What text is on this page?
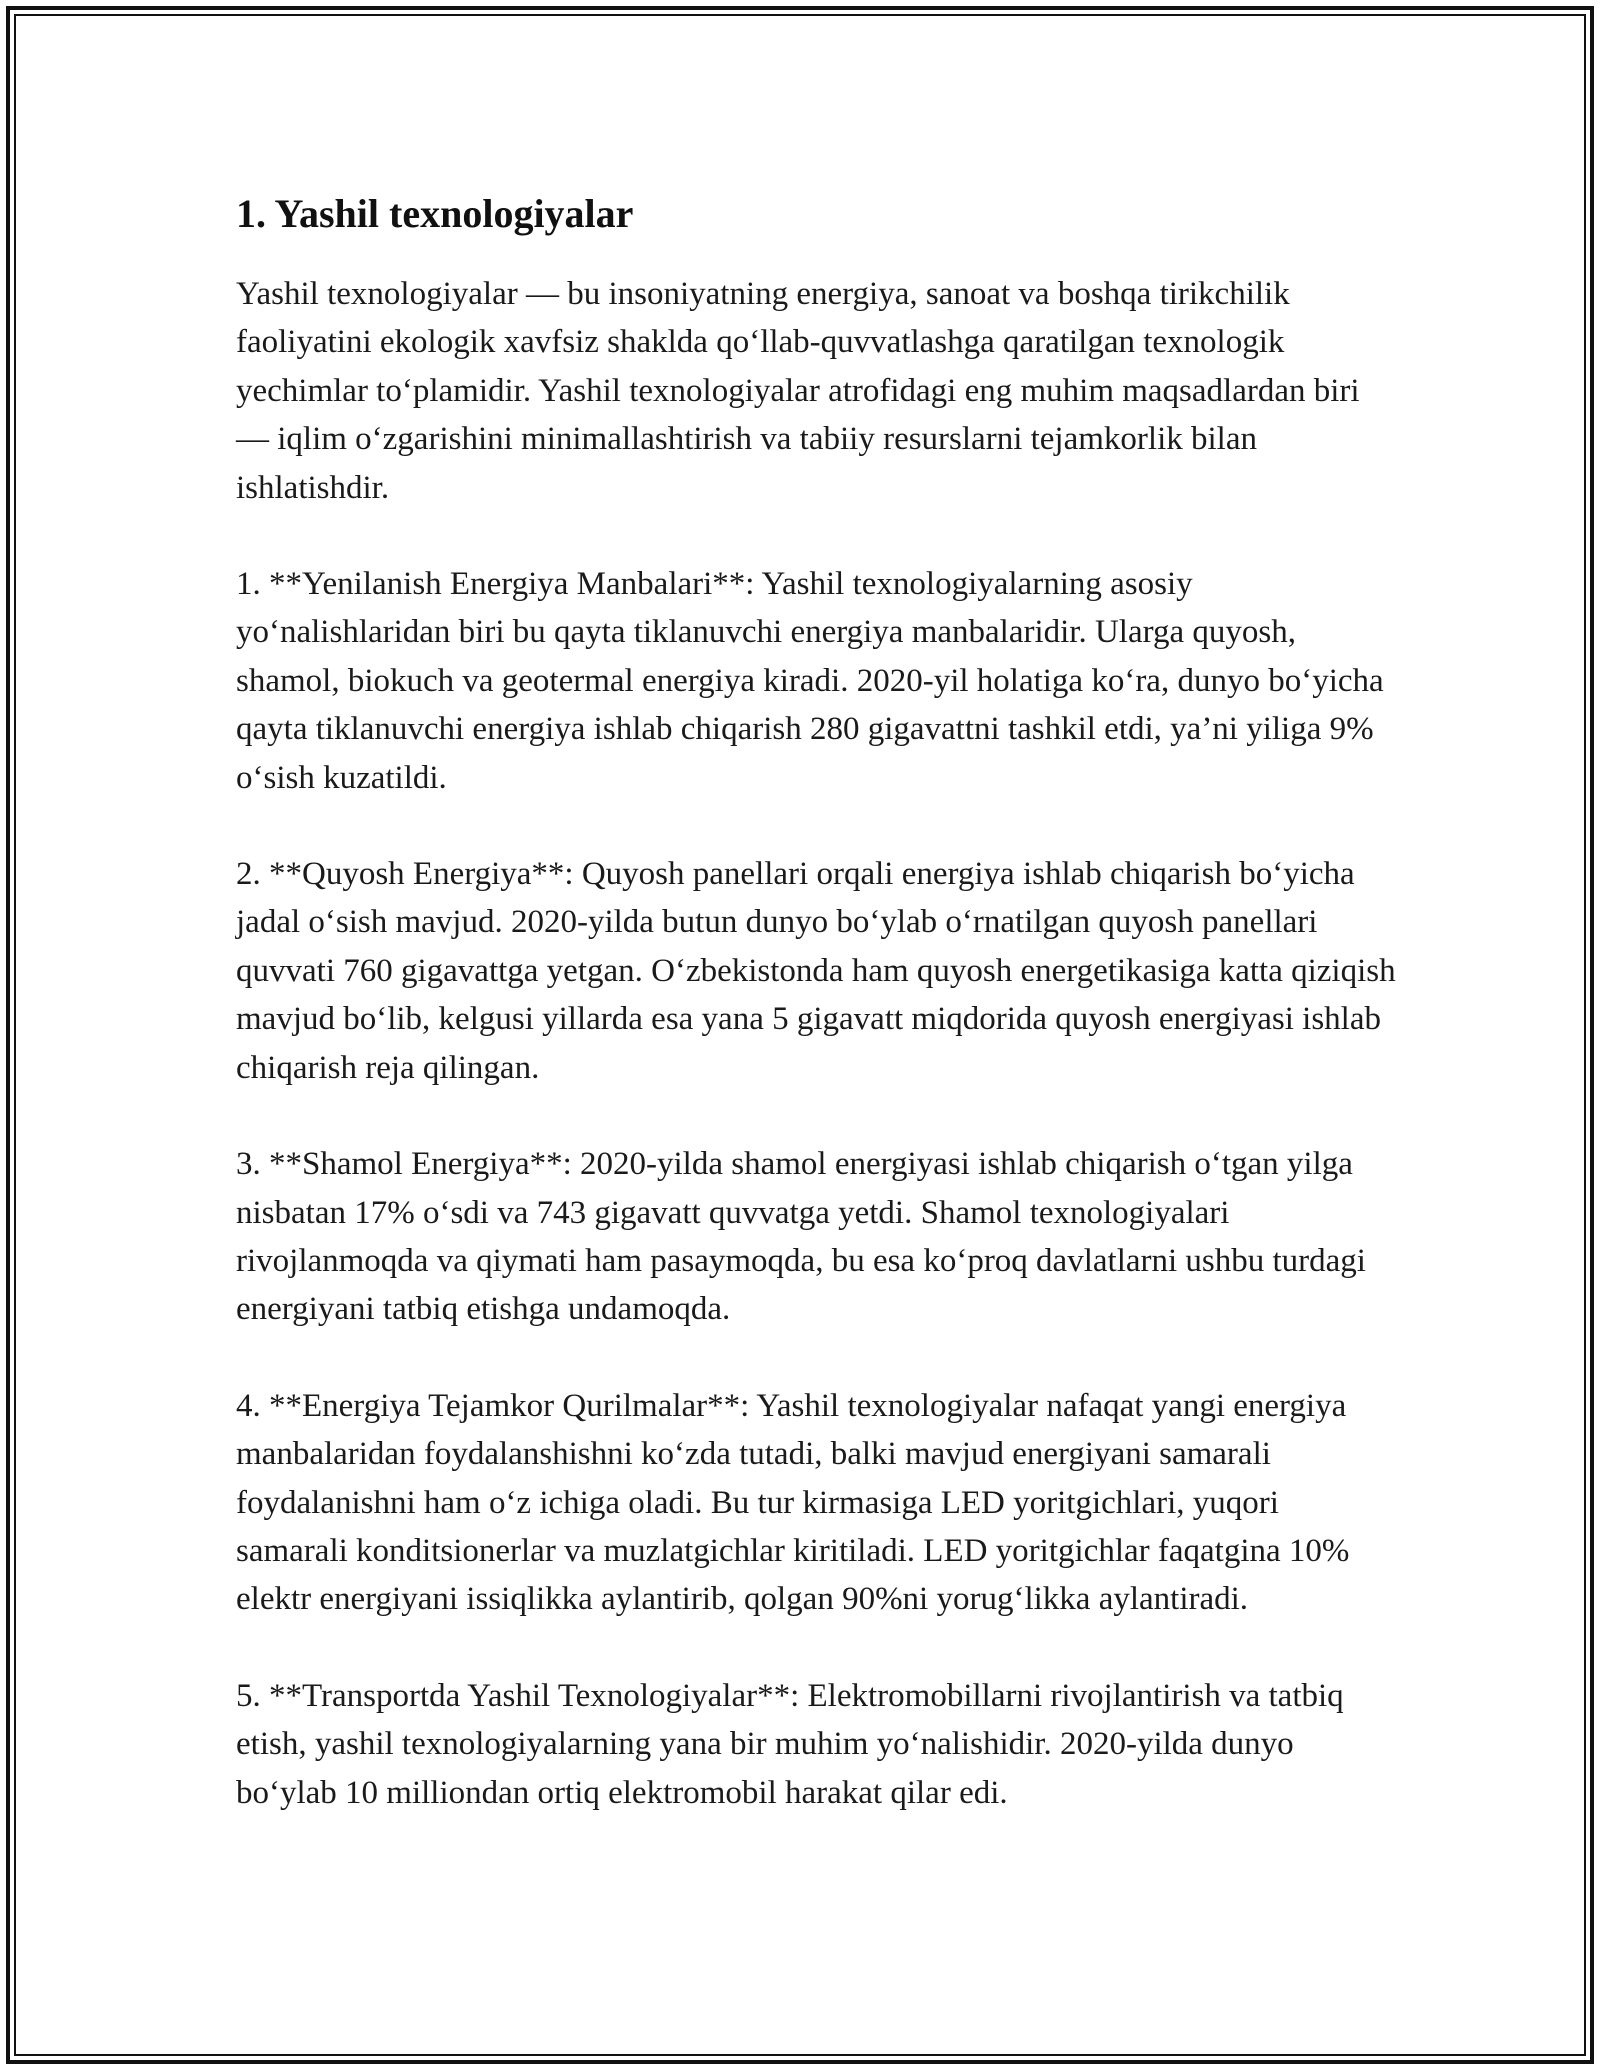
1. Yashil texnologiyalar

Yashil texnologiyalar — bu insoniyatning energiya, sanoat va boshqa tirikchilik faoliyatini ekologik xavfsiz shaklda qo‘llab-quvvatlashga qaratilgan texnologik yechimlar to‘plamidir. Yashil texnologiyalar atrofidagi eng muhim maqsadlardan biri — iqlim o‘zgarishini minimallashtirish va tabiiy resurslarni tejamkorlik bilan ishlatishdir.

1. **Yenilanish Energiya Manbalari**: Yashil texnologiyalarning asosiy yo‘nalishlaridan biri bu qayta tiklanuvchi energiya manbalaridir. Ularga quyosh, shamol, biokuch va geotermal energiya kiradi. 2020-yil holatiga ko‘ra, dunyo bo‘yicha qayta tiklanuvchi energiya ishlab chiqarish 280 gigavattni tashkil etdi, ya’ni yiliga 9% o‘sish kuzatildi.

2. **Quyosh Energiya**: Quyosh panellari orqali energiya ishlab chiqarish bo‘yicha jadal o‘sish mavjud. 2020-yilda butun dunyo bo‘ylab o‘rnatilgan quyosh panellari quvvati 760 gigavattga yetgan. O‘zbekistonda ham quyosh energetikasiga katta qiziqish mavjud bo‘lib, kelgusi yillarda esa yana 5 gigavatt miqdorida quyosh energiyasi ishlab chiqarish reja qilingan.

3. **Shamol Energiya**: 2020-yilda shamol energiyasi ishlab chiqarish o‘tgan yilga nisbatan 17% o‘sdi va 743 gigavatt quvvatga yetdi. Shamol texnologiyalari rivojlanmoqda va qiymati ham pasaymoqda, bu esa ko‘proq davlatlarni ushbu turdagi energiyani tatbiq etishga undamoqda.

4. **Energiya Tejamkor Qurilmalar**: Yashil texnologiyalar nafaqat yangi energiya manbalaridan foydalanshishni ko‘zda tutadi, balki mavjud energiyani samarali foydalanishni ham o‘z ichiga oladi. Bu tur kirmasiga LED yoritgichlari, yuqori samarali konditsionerlar va muzlatgichlar kiritiladi. LED yoritgichlar faqatgina 10% elektr energiyani issiqlikka aylantirib, qolgan 90%ni yorug‘likka aylantiradi.

5. **Transportda Yashil Texnologiyalar**: Elektromobillarni rivojlantirish va tatbiq etish, yashil texnologiyalarning yana bir muhim yo‘nalishidir. 2020-yilda dunyo bo‘ylab 10 milliondan ortiq elektromobil harakat qilar edi.
